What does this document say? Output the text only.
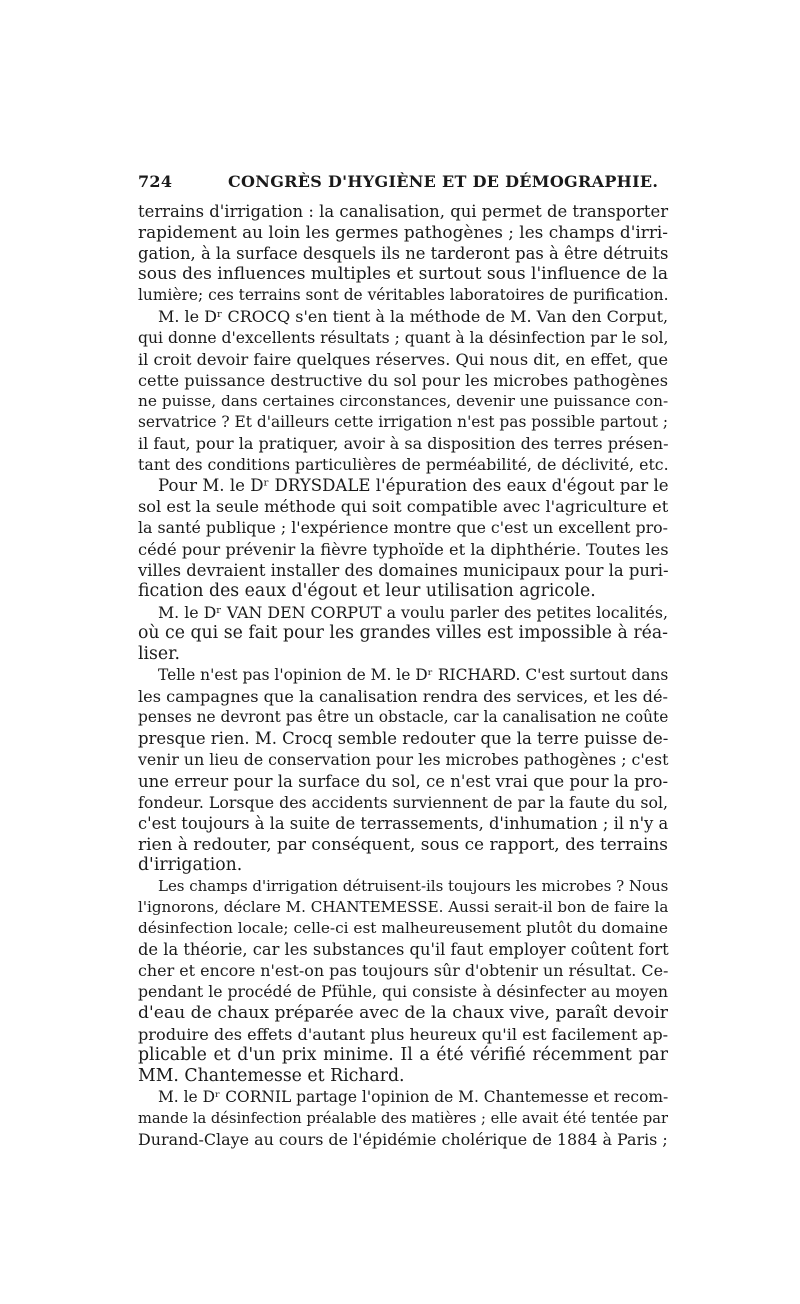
724	CONGRÈS D'HYGIÈNE ET DE DÉMOGRAPHIE.
terrains d'irrigation : la canalisation, qui permet de transporter
rapidement au loin les germes pathogènes ; les champs d'irri-
gation, à la surface desquels ils ne tarderont pas à être détruits
sous des influences multiples et surtout sous l'influence de la
lumière; ces terrains sont de véritables laboratoires de purification.
M. le Dʳ CROCQ s'en tient à la méthode de M. Van den Corput,
qui donne d'excellents résultats ; quant à la désinfection par le sol,
il croit devoir faire quelques réserves. Qui nous dit, en effet, que
cette puissance destructive du sol pour les microbes pathogènes
ne puisse, dans certaines circonstances, devenir une puissance con-
servatrice ? Et d'ailleurs cette irrigation n'est pas possible partout ;
il faut, pour la pratiquer, avoir à sa disposition des terres présen-
tant des conditions particulières de perméabilité, de déclivité, etc.
Pour M. le Dʳ DRYSDALE l'épuration des eaux d'égout par le
sol est la seule méthode qui soit compatible avec l'agriculture et
la santé publique ; l'expérience montre que c'est un excellent pro-
cédé pour prévenir la fièvre typhoïde et la diphthérie. Toutes les
villes devraient installer des domaines municipaux pour la puri-
fication des eaux d'égout et leur utilisation agricole.
M. le Dʳ VAN DEN CORPUT a voulu parler des petites localités,
où ce qui se fait pour les grandes villes est impossible à réa-
liser.
Telle n'est pas l'opinion de M. le Dʳ RICHARD. C'est surtout dans
les campagnes que la canalisation rendra des services, et les dé-
penses ne devront pas être un obstacle, car la canalisation ne coûte
presque rien. M. Crocq semble redouter que la terre puisse de-
venir un lieu de conservation pour les microbes pathogènes ; c'est
une erreur pour la surface du sol, ce n'est vrai que pour la pro-
fondeur. Lorsque des accidents surviennent de par la faute du sol,
c'est toujours à la suite de terrassements, d'inhumation ; il n'y a
rien à redouter, par conséquent, sous ce rapport, des terrains
d'irrigation.
Les champs d'irrigation détruisent-ils toujours les microbes ? Nous
l'ignorons, déclare M. CHANTEMESSE. Aussi serait-il bon de faire la
désinfection locale; celle-ci est malheureusement plutôt du domaine
de la théorie, car les substances qu'il faut employer coûtent fort
cher et encore n'est-on pas toujours sûr d'obtenir un résultat. Ce-
pendant le procédé de Pfühle, qui consiste à désinfecter au moyen
d'eau de chaux préparée avec de la chaux vive, paraît devoir
produire des effets d'autant plus heureux qu'il est facilement ap-
plicable et d'un prix minime. Il a été vérifié récemment par
MM. Chantemesse et Richard.
M. le Dʳ CORNIL partage l'opinion de M. Chantemesse et recom-
mande la désinfection préalable des matières ; elle avait été tentée par
Durand-Claye au cours de l'épidémie cholérique de 1884 à Paris ;
